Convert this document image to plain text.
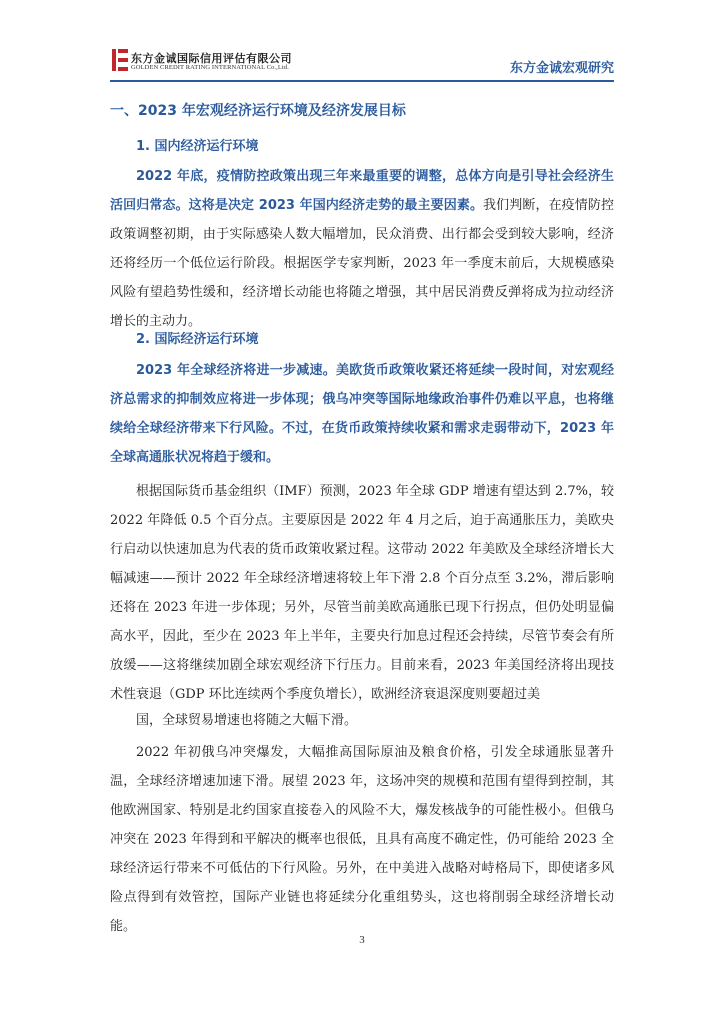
东方金诚国际信用评估有限公司
GOLDEN CREDIT RATING INTERNATIONAL Co.,Ltd.	东方金诚宏观研究
一、2023 年宏观经济运行环境及经济发展目标
1. 国内经济运行环境

2022 年底，疫情防控政策出现三年来最重要的调整，总体方向是引导社会经济生活回归常态。这将是决定 2023 年国内经济走势的最主要因素。我们判断，在疫情防控政策调整初期，由于实际感染人数大幅增加，民众消费、出行都会受到较大影响，经济还将经历一个低位运行阶段。根据医学专家判断，2023 年一季度末前后，大规模感染风险有望趋势性缓和，经济增长动能也将随之增强，其中居民消费反弹将成为拉动经济增长的主动力。

2. 国际经济运行环境

2023 年全球经济将进一步减速。美欧货币政策收紧还将延续一段时间，对宏观经济总需求的抑制效应将进一步体现；俄乌冲突等国际地缘政治事件仍难以平息，也将继续给全球经济带来下行风险。不过，在货币政策持续收紧和需求走弱带动下，2023 年全球高通胀状况将趋于缓和。

根据国际货币基金组织（IMF）预测，2023 年全球 GDP 增速有望达到 2.7%，较 2022 年降低 0.5 个百分点。主要原因是 2022 年 4 月之后，迫于高通胀压力，美欧央行启动以快速加息为代表的货币政策收紧过程。这带动 2022 年美欧及全球经济增长大幅减速——预计 2022 年全球经济增速将较上年下滑 2.8 个百分点至 3.2%，滞后影响还将在 2023 年进一步体现；另外，尽管当前美欧高通胀已现下行拐点，但仍处明显偏高水平，因此，至少在 2023 年上半年，主要央行加息过程还会持续，尽管节奏会有所放缓——这将继续加剧全球宏观经济下行压力。目前来看，2023 年美国经济将出现技术性衰退（GDP 环比连续两个季度负增长），欧洲经济衰退深度则要超过美

国，全球贸易增速也将随之大幅下滑。

2022 年初俄乌冲突爆发，大幅推高国际原油及粮食价格，引发全球通胀显著升温，全球经济增速加速下滑。展望 2023 年，这场冲突的规模和范围有望得到控制，其他欧洲国家、特别是北约国家直接卷入的风险不大，爆发核战争的可能性极小。但俄乌冲突在 2023 年得到和平解决的概率也很低，且具有高度不确定性，仍可能给 2023 全球经济运行带来不可低估的下行风险。另外，在中美进入战略对峙格局下，即使诸多风险点得到有效管控，国际产业链也将延续分化重组势头，这也将削弱全球经济增长动能。

3
